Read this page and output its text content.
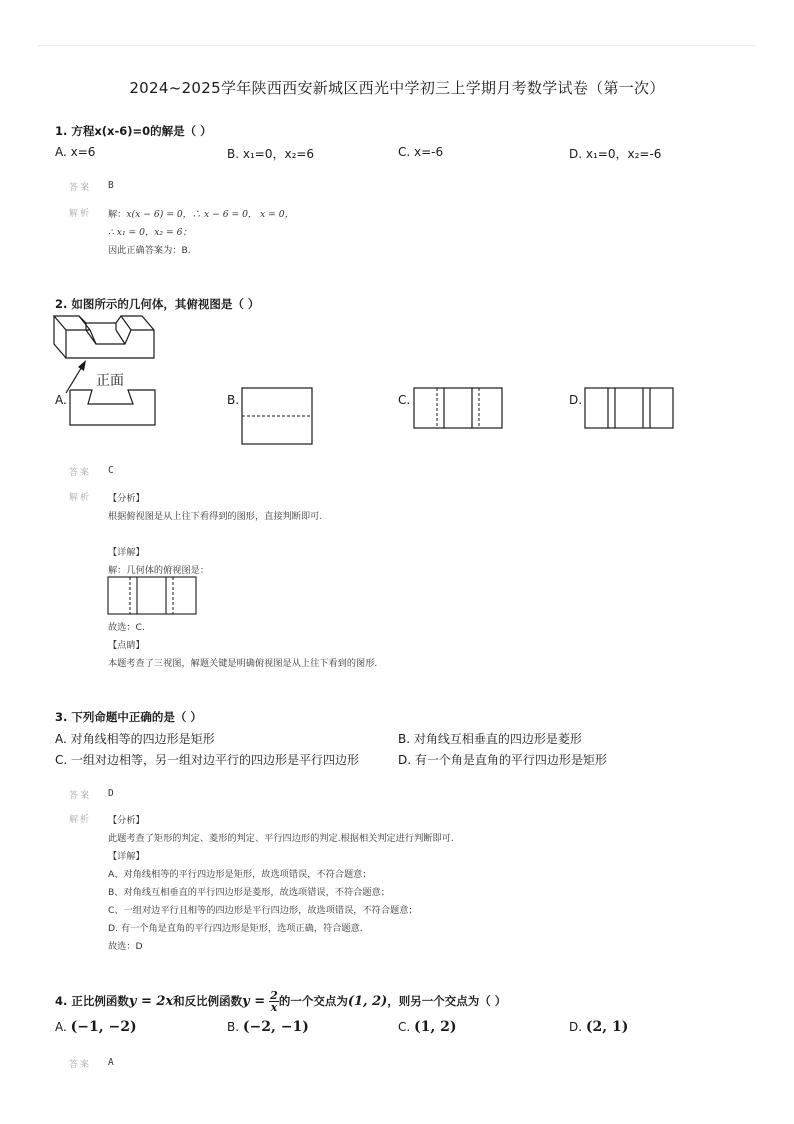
2024~2025学年陕西西安新城区西光中学初三上学期月考数学试卷（第一次）
1. 方程x(x-6)=0的解是（ ）
A. x=6	B. x₁=0，x₂=6	C. x=-6	D. x₁=0，x₂=-6
答案 B
解析 解：x(x − 6) = 0，∴ x − 6 = 0， x = 0，
∴ x₁ = 0，x₂ = 6；
因此正确答案为：B.
2. 如图所示的几何体，其俯视图是（ ）
正面
A.	B.	C.	D.
答案 C
解析 【分析】
根据俯视图是从上往下看得到的图形，直接判断即可.
【详解】
解：几何体的俯视图是：
故选：C.
【点睛】
本题考查了三视图，解题关键是明确俯视图是从上往下看到的图形.
3. 下列命题中正确的是（ ）
A. 对角线相等的四边形是矩形	B. 对角线互相垂直的四边形是菱形
C. 一组对边相等，另一组对边平行的四边形是平行四边形	D. 有一个角是直角的平行四边形是矩形
答案 D
解析 【分析】
此题考查了矩形的判定、菱形的判定、平行四边形的判定.根据相关判定进行判断即可.
【详解】
A、对角线相等的平行四边形是矩形，故选项错误，不符合题意；
B、对角线互相垂直的平行四边形是菱形，故选项错误，不符合题意；
C、一组对边平行且相等的四边形是平行四边形，故选项错误，不符合题意；
D. 有一个角是直角的平行四边形是矩形，选项正确，符合题意.
故选：D
4. 正比例函数y = 2x和反比例函数$y = \frac{2}{x}$ 的一个交点为(1, 2)，则另一个交点为（ ）
A. (−1, −2)	B. (−2, −1)	C. (1, 2)	D. (2, 1)
答案 A
